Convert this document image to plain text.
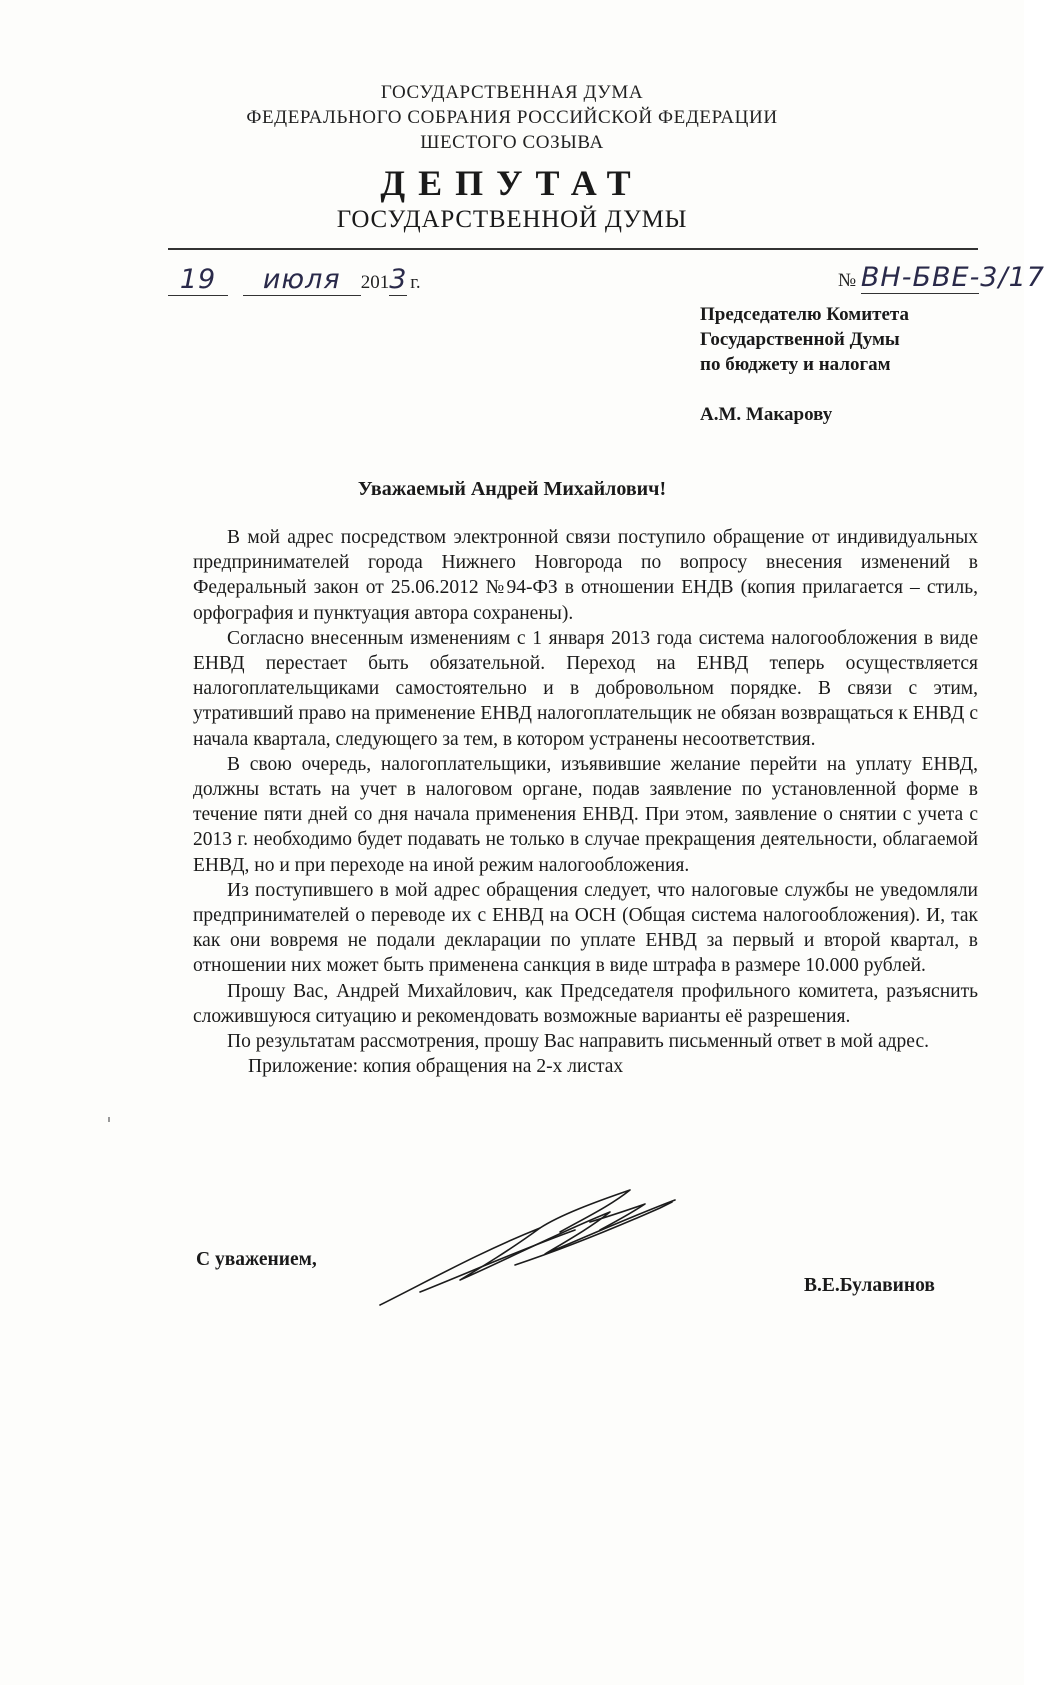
ГОСУДАРСТВЕННАЯ ДУМА
ФЕДЕРАЛЬНОГО СОБРАНИЯ РОССИЙСКОЙ ФЕДЕРАЦИИ
ШЕСТОГО СОЗЫВА
ДЕПУТАТ
ГОСУДАРСТВЕННОЙ ДУМЫ
19 июля 2013 г.	№ ВН-БВЕ-3/17
Председателю Комитета
Государственной Думы
по бюджету и налогам
А.М. Макарову
Уважаемый Андрей Михайлович!

В мой адрес посредством электронной связи поступило обращение от индивидуальных предпринимателей города Нижнего Новгорода по вопросу внесения изменений в Федеральный закон от 25.06.2012 №94-ФЗ в отношении ЕНДВ (копия прилагается – стиль, орфография и пунктуация автора сохранены).

Согласно внесенным изменениям с 1 января 2013 года система налогообложения в виде ЕНВД перестает быть обязательной. Переход на ЕНВД теперь осуществляется налогоплательщиками самостоятельно и в добровольном порядке. В связи с этим, утративший право на применение ЕНВД налогоплательщик не обязан возвращаться к ЕНВД с начала квартала, следующего за тем, в котором устранены несоответствия.

В свою очередь, налогоплательщики, изъявившие желание перейти на уплату ЕНВД, должны встать на учет в налоговом органе, подав заявление по установленной форме в течение пяти дней со дня начала применения ЕНВД. При этом, заявление о снятии с учета с 2013 г. необходимо будет подавать не только в случае прекращения деятельности, облагаемой ЕНВД, но и при переходе на иной режим налогообложения.

Из поступившего в мой адрес обращения следует, что налоговые службы не уведомляли предпринимателей о переводе их с ЕНВД на ОСН (Общая система налогообложения). И, так как они вовремя не подали декларации по уплате ЕНВД за первый и второй квартал, в отношении них может быть применена санкция в виде штрафа в размере 10.000 рублей.

Прошу Вас, Андрей Михайлович, как Председателя профильного комитета, разъяснить сложившуюся ситуацию и рекомендовать возможные варианты её разрешения.

По результатам рассмотрения, прошу Вас направить письменный ответ в мой адрес.

Приложение: копия обращения на 2-х листах

С уважением,
В.Е.Булавинов
